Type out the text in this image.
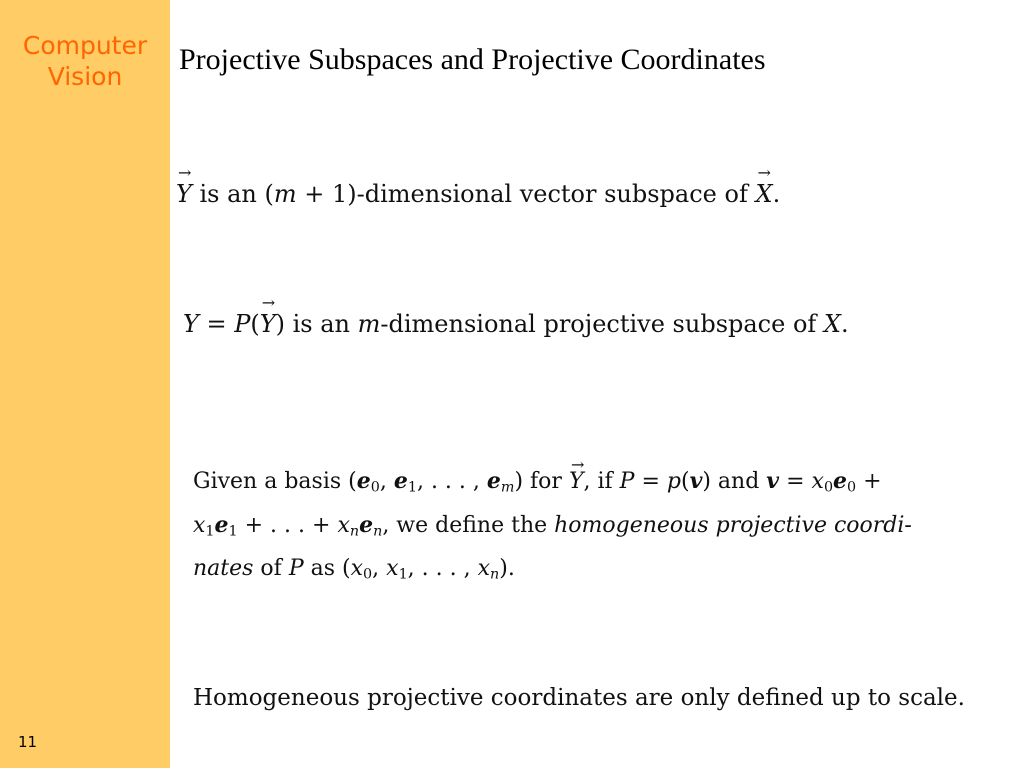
Computer
Vision
11
Projective Subspaces and Projective Coordinates
→ Y is an (m + 1)-dimensional vector subspace of → X.
Y = P(→ Y) is an m-dimensional projective subspace of X.
Given a basis ($e_0$, $e_1$, . . . , $e_m$) for → Y, if P = p(v) and $v = x_0e_0$ +
$x_1e_1$ + . . . + $x_ne_n$, we define the homogeneous projective coordi-
nates of P as ($x_0$, $x_1$, . . . , $x_n$).
Homogeneous projective coordinates are only defined up to scale.
